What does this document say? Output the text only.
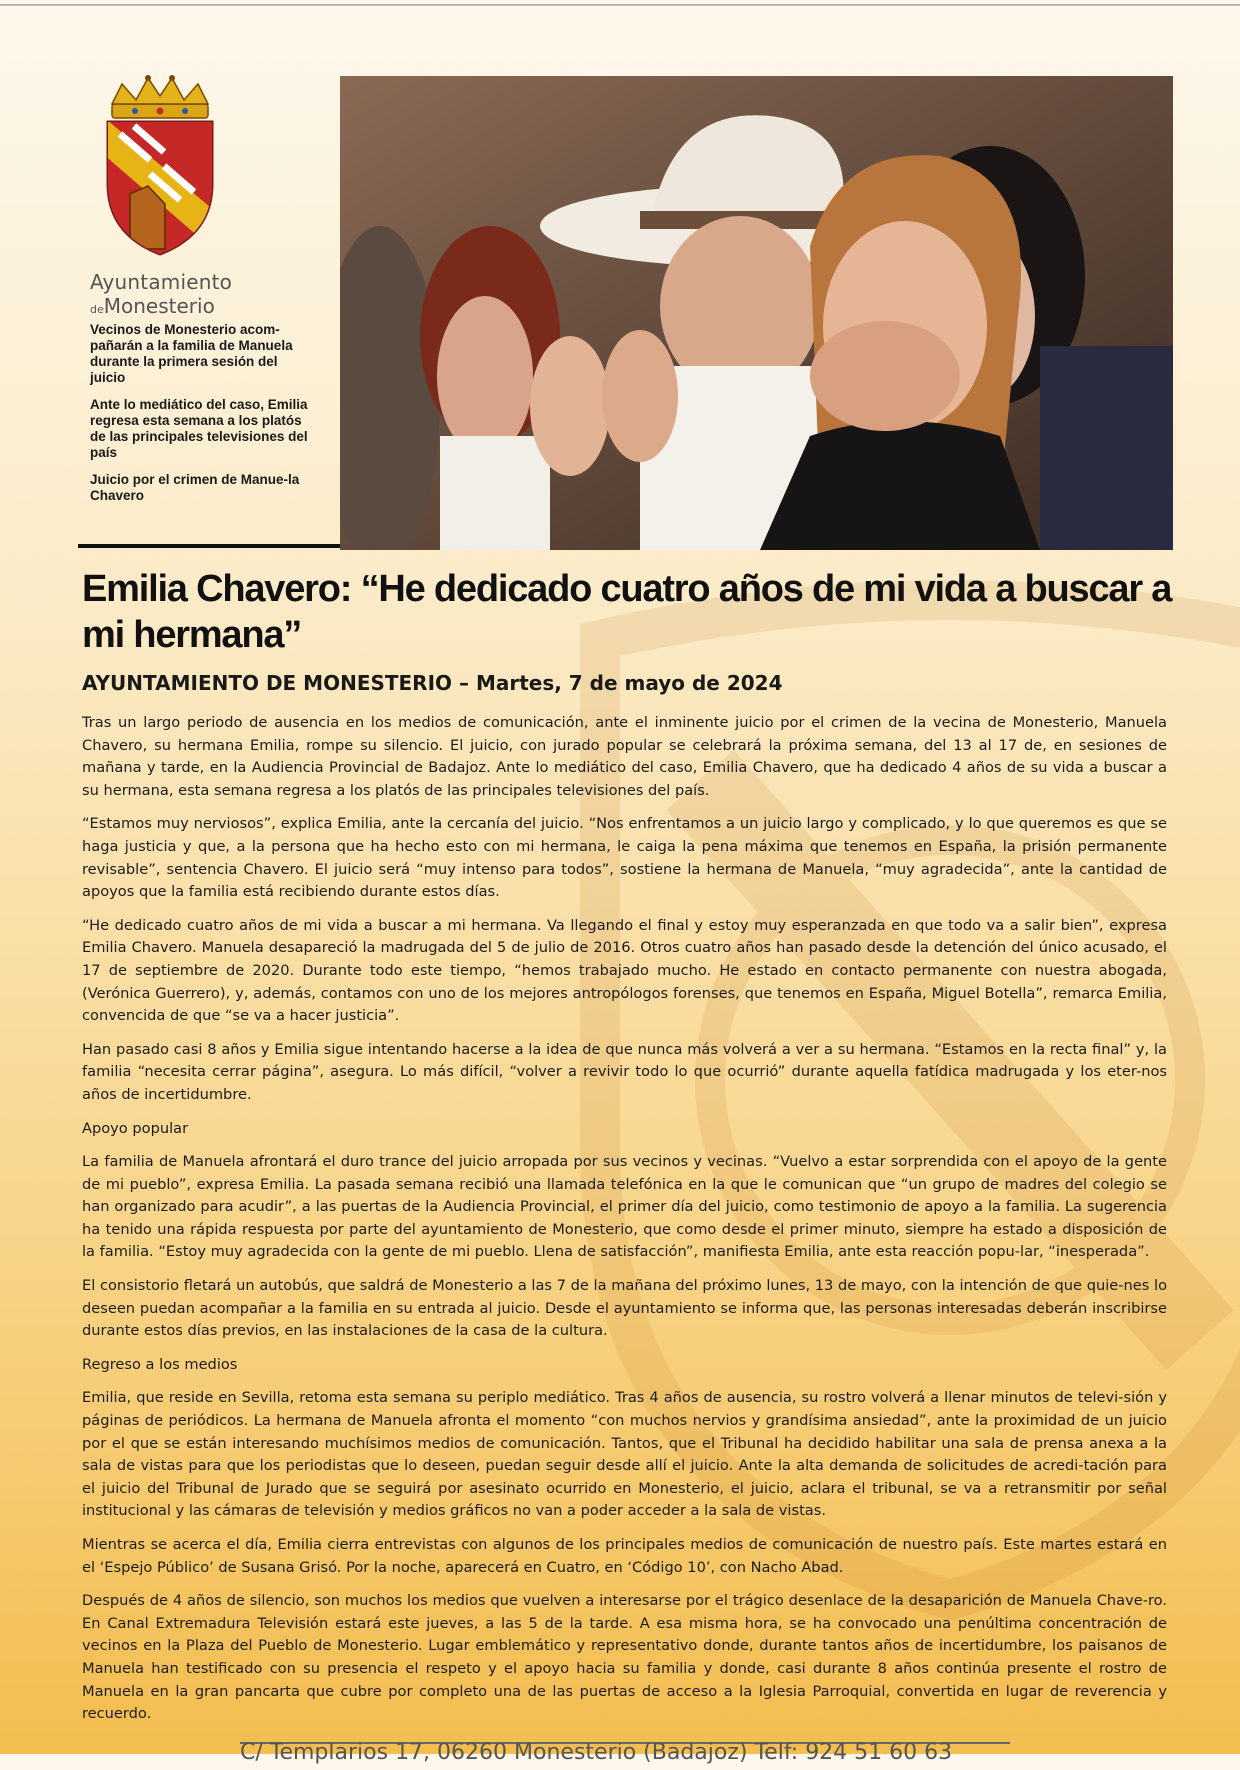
Ayuntamiento
deMonesterio

Vecinos de Monesterio acom-pañarán a la familia de Manuela durante la primera sesión del juicio

Ante lo mediático del caso, Emilia regresa esta semana a los platós de las principales televisiones del país

Juicio por el crimen de Manue-la Chavero

Emilia Chavero: “He dedicado cuatro años de mi vida a buscar a mi hermana”

AYUNTAMIENTO DE MONESTERIO – Martes, 7 de mayo de 2024

Tras un largo periodo de ausencia en los medios de comunicación, ante el inminente juicio por el crimen de la vecina de Monesterio, Manuela Chavero, su hermana Emilia, rompe su silencio. El juicio, con jurado popular se celebrará la próxima semana, del 13 al 17 de, en sesiones de mañana y tarde, en la Audiencia Provincial de Badajoz. Ante lo mediático del caso, Emilia Chavero, que ha dedicado 4 años de su vida a buscar a su hermana, esta semana regresa a los platós de las principales televisiones del país.

“Estamos muy nerviosos”, explica Emilia, ante la cercanía del juicio. “Nos enfrentamos a un juicio largo y complicado, y lo que queremos es que se haga justicia y que, a la persona que ha hecho esto con mi hermana, le caiga la pena máxima que tenemos en España, la prisión permanente revisable”, sentencia Chavero. El juicio será “muy intenso para todos”, sostiene la hermana de Manuela, “muy agradecida”, ante la cantidad de apoyos que la familia está recibiendo durante estos días.

“He dedicado cuatro años de mi vida a buscar a mi hermana. Va llegando el final y estoy muy esperanzada en que todo va a salir bien”, expresa Emilia Chavero. Manuela desapareció la madrugada del 5 de julio de 2016. Otros cuatro años han pasado desde la detención del único acusado, el 17 de septiembre de 2020. Durante todo este tiempo, “hemos trabajado mucho. He estado en contacto permanente con nuestra abogada, (Verónica Guerrero), y, además, contamos con uno de los mejores antropólogos forenses, que tenemos en España, Miguel Botella”, remarca Emilia, convencida de que “se va a hacer justicia”.

Han pasado casi 8 años y Emilia sigue intentando hacerse a la idea de que nunca más volverá a ver a su hermana. “Estamos en la recta final” y, la familia “necesita cerrar página”, asegura. Lo más difícil, “volver a revivir todo lo que ocurrió” durante aquella fatídica madrugada y los eter-nos años de incertidumbre.

Apoyo popular

La familia de Manuela afrontará el duro trance del juicio arropada por sus vecinos y vecinas. “Vuelvo a estar sorprendida con el apoyo de la gente de mi pueblo”, expresa Emilia. La pasada semana recibió una llamada telefónica en la que le comunican que “un grupo de madres del colegio se han organizado para acudir”, a las puertas de la Audiencia Provincial, el primer día del juicio, como testimonio de apoyo a la familia. La sugerencia ha tenido una rápida respuesta por parte del ayuntamiento de Monesterio, que como desde el primer minuto, siempre ha estado a disposición de la familia. “Estoy muy agradecida con la gente de mi pueblo. Llena de satisfacción”, manifiesta Emilia, ante esta reacción popu-lar, “inesperada”.

El consistorio fletará un autobús, que saldrá de Monesterio a las 7 de la mañana del próximo lunes, 13 de mayo, con la intención de que quie-nes lo deseen puedan acompañar a la familia en su entrada al juicio. Desde el ayuntamiento se informa que, las personas interesadas deberán inscribirse durante estos días previos, en las instalaciones de la casa de la cultura.

Regreso a los medios

Emilia, que reside en Sevilla, retoma esta semana su periplo mediático. Tras 4 años de ausencia, su rostro volverá a llenar minutos de televi-sión y páginas de periódicos. La hermana de Manuela afronta el momento “con muchos nervios y grandísima ansiedad”, ante la proximidad de un juicio por el que se están interesando muchísimos medios de comunicación. Tantos, que el Tribunal ha decidido habilitar una sala de prensa anexa a la sala de vistas para que los periodistas que lo deseen, puedan seguir desde allí el juicio. Ante la alta demanda de solicitudes de acredi-tación para el juicio del Tribunal de Jurado que se seguirá por asesinato ocurrido en Monesterio, el juicio, aclara el tribunal, se va a retransmitir por señal institucional y las cámaras de televisión y medios gráficos no van a poder acceder a la sala de vistas.

Mientras se acerca el día, Emilia cierra entrevistas con algunos de los principales medios de comunicación de nuestro país. Este martes estará en el ‘Espejo Público’ de Susana Grisó. Por la noche, aparecerá en Cuatro, en ‘Código 10’, con Nacho Abad.

Después de 4 años de silencio, son muchos los medios que vuelven a interesarse por el trágico desenlace de la desaparición de Manuela Chave-ro. En Canal Extremadura Televisión estará este jueves, a las 5 de la tarde. A esa misma hora, se ha convocado una penúltima concentración de vecinos en la Plaza del Pueblo de Monesterio. Lugar emblemático y representativo donde, durante tantos años de incertidumbre, los paisanos de Manuela han testificado con su presencia el respeto y el apoyo hacia su familia y donde, casi durante 8 años continúa presente el rostro de Manuela en la gran pancarta que cubre por completo una de las puertas de acceso a la Iglesia Parroquial, convertida en lugar de reverencia y recuerdo.

C/ Templarios 17, 06260 Monesterio (Badajoz) Telf: 924 51 60 63
